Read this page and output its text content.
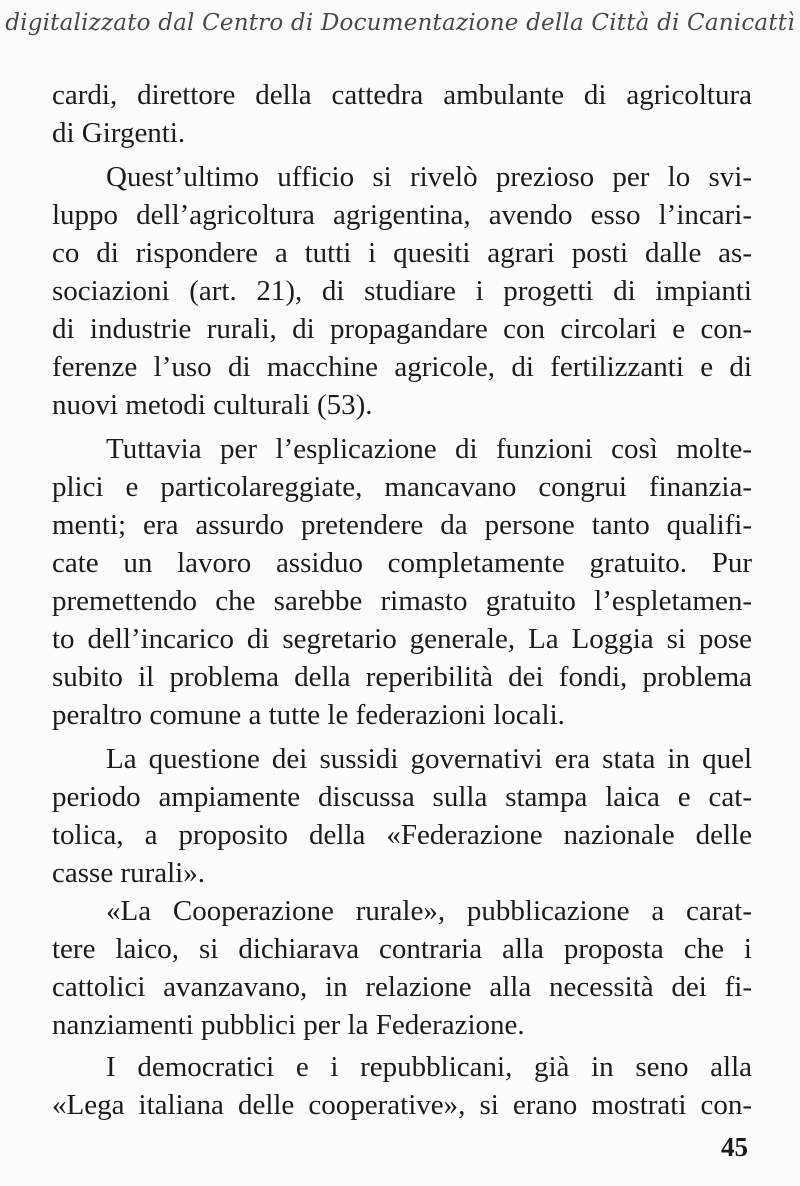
digitalizzato dal Centro di Documentazione della Città di Canicattì
cardi, direttore della cattedra ambulante di agricoltura
di Girgenti.
Quest’ultimo ufficio si rivelò prezioso per lo svi-
luppo dell’agricoltura agrigentina, avendo esso l’incari-
co di rispondere a tutti i quesiti agrari posti dalle as-
sociazioni (art. 21), di studiare i progetti di impianti
di industrie rurali, di propagandare con circolari e con-
ferenze l’uso di macchine agricole, di fertilizzanti e di
nuovi metodi culturali (53).
Tuttavia per l’esplicazione di funzioni così molte-
plici e particolareggiate, mancavano congrui finanzia-
menti; era assurdo pretendere da persone tanto qualifi-
cate un lavoro assiduo completamente gratuito. Pur
premettendo che sarebbe rimasto gratuito l’espletamen-
to dell’incarico di segretario generale, La Loggia si pose
subito il problema della reperibilità dei fondi, problema
peraltro comune a tutte le federazioni locali.
La questione dei sussidi governativi era stata in quel
periodo ampiamente discussa sulla stampa laica e cat-
tolica, a proposito della «Federazione nazionale delle
casse rurali».
«La Cooperazione rurale», pubblicazione a carat-
tere laico, si dichiarava contraria alla proposta che i
cattolici avanzavano, in relazione alla necessità dei fi-
nanziamenti pubblici per la Federazione.
I democratici e i repubblicani, già in seno alla
«Lega italiana delle cooperative», si erano mostrati con-
45
